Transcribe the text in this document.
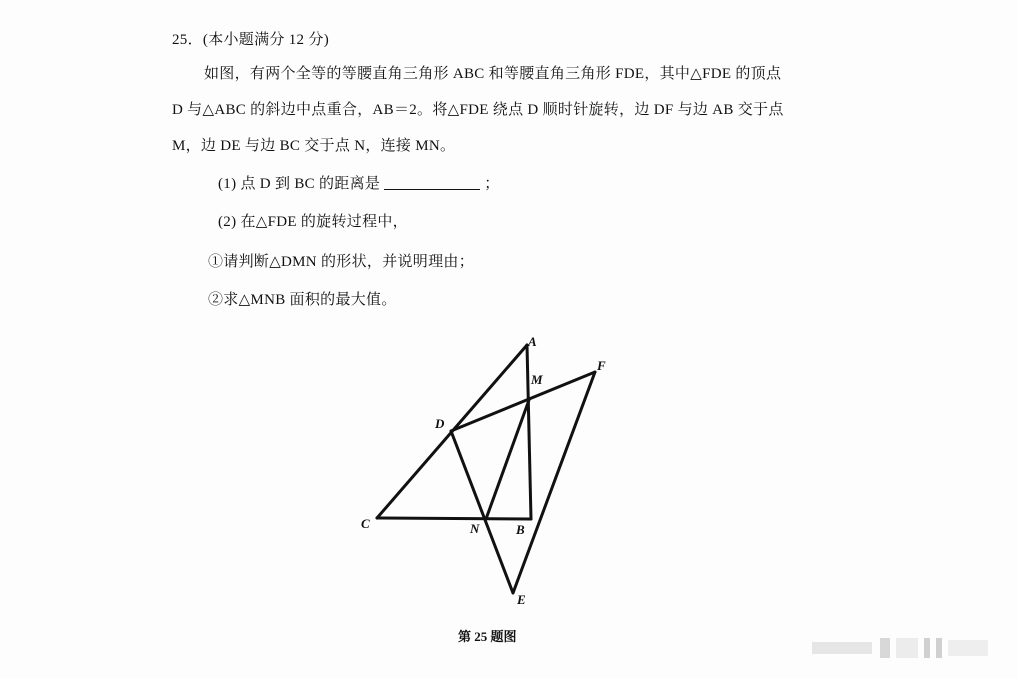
25．(本小题满分 12 分)
如图，有两个全等的等腰直角三角形 ABC 和等腰直角三角形 FDE，其中△FDE 的顶点
D 与△ABC 的斜边中点重合，AB＝2。将△FDE 绕点 D 顺时针旋转，边 DF 与边 AB 交于点
M，边 DE 与边 BC 交于点 N，连接 MN。
(1) 点 D 到 BC 的距离是	；
(2) 在△FDE 的旋转过程中，
①请判断△DMN 的形状，并说明理由；
②求△MNB 面积的最大值。
A
M
F
D
C	N	B
E
第 25 题图
